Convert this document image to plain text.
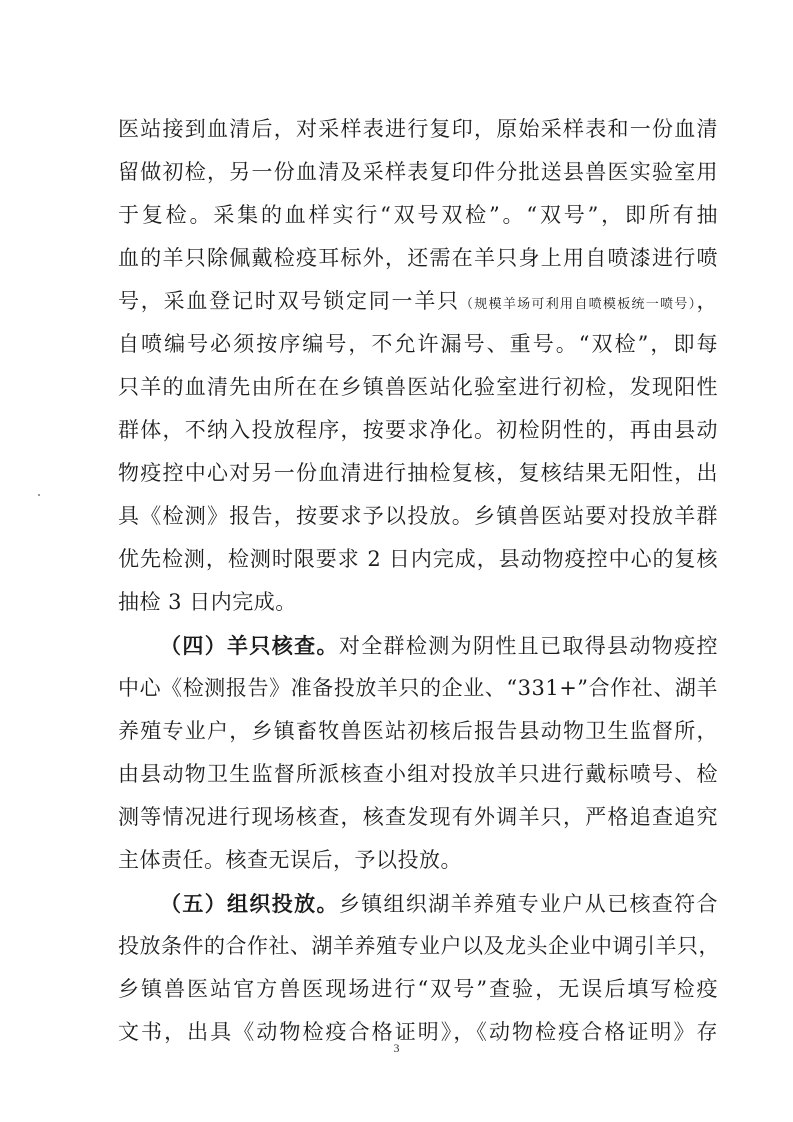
医站接到血清后，对采样表进行复印，原始采样表和一份血清
留做初检，另一份血清及采样表复印件分批送县兽医实验室用
于复检。采集的血样实行“双号双检”。“双号”，即所有抽
血的羊只除佩戴检疫耳标外，还需在羊只身上用自喷漆进行喷
号，采血登记时双号锁定同一羊只（规模羊场可利用自喷模板统一喷号），
自喷编号必须按序编号，不允许漏号、重号。“双检”，即每
只羊的血清先由所在在乡镇兽医站化验室进行初检，发现阳性
群体，不纳入投放程序，按要求净化。初检阴性的，再由县动
物疫控中心对另一份血清进行抽检复核，复核结果无阳性，出
具《检测》报告，按要求予以投放。乡镇兽医站要对投放羊群
优先检测，检测时限要求 2 日内完成，县动物疫控中心的复核
抽检 3 日内完成。
（四）羊只核查。对全群检测为阴性且已取得县动物疫控
中心《检测报告》准备投放羊只的企业、“331+”合作社、湖羊
养殖专业户，乡镇畜牧兽医站初核后报告县动物卫生监督所，
由县动物卫生监督所派核查小组对投放羊只进行戴标喷号、检
测等情况进行现场核查，核查发现有外调羊只，严格追查追究
主体责任。核查无误后，予以投放。
（五）组织投放。乡镇组织湖羊养殖专业户从已核查符合
投放条件的合作社、湖羊养殖专业户以及龙头企业中调引羊只，
乡镇兽医站官方兽医现场进行“双号”查验，无误后填写检疫
文书，出具《动物检疫合格证明》，《动物检疫合格证明》存
3
